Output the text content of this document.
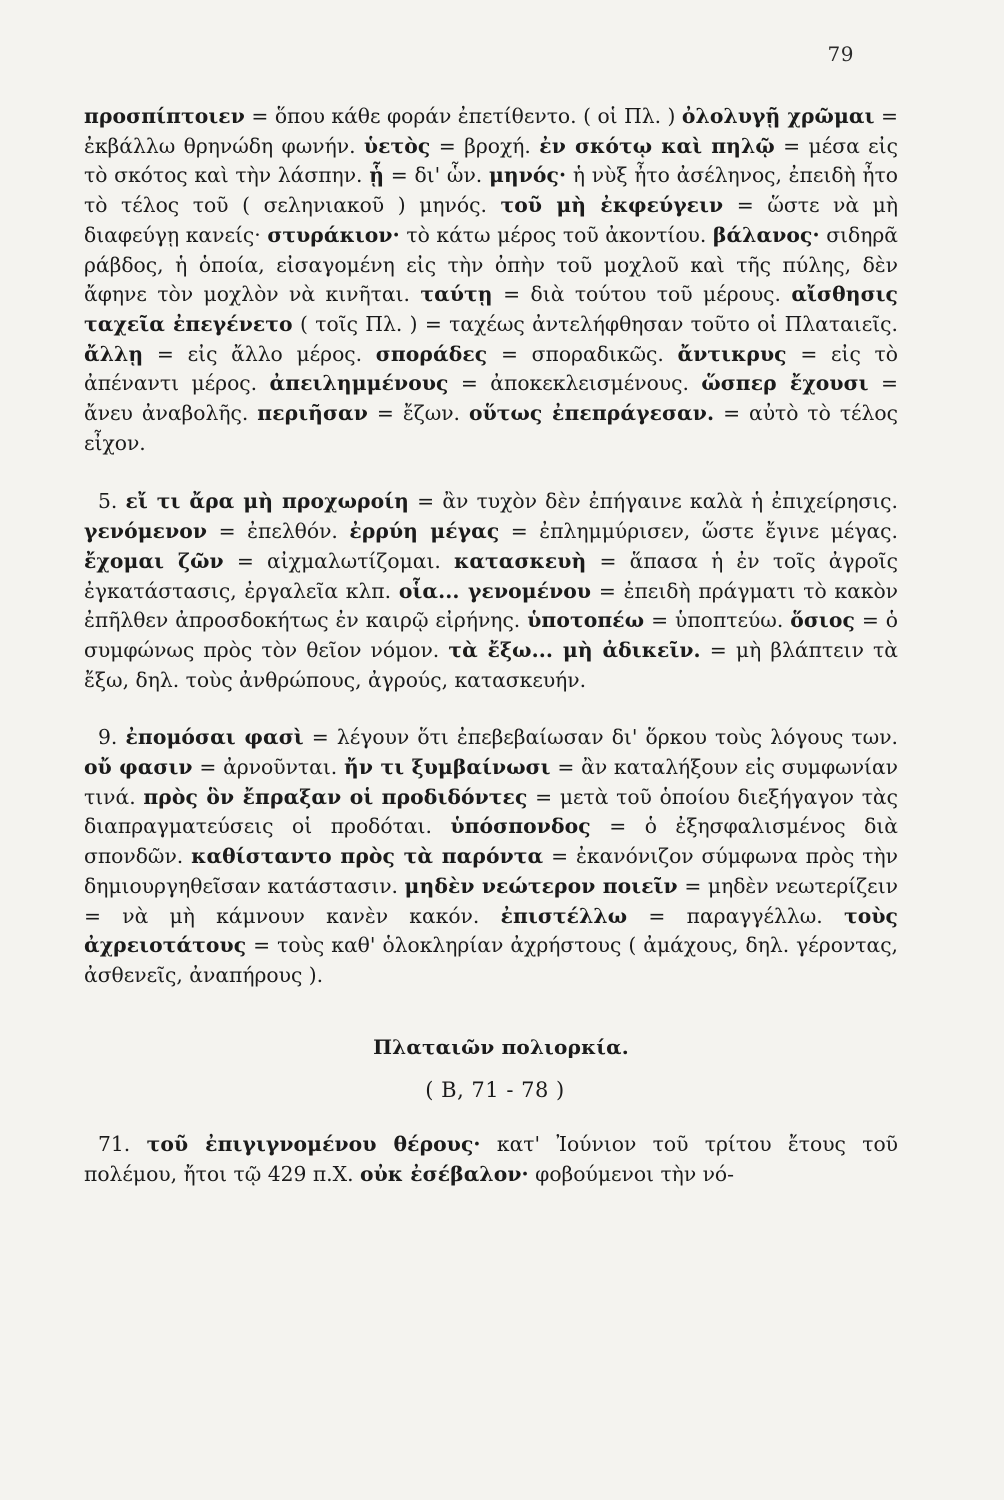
79

προσπίπτοιεν = ὅπου κάθε φοράν ἐπετίθεντο. ( οἱ Πλ. ) ὀλολυγῇ χρῶμαι = ἐκβάλλω θρηνώδη φωνήν. ὑετὸς = βροχή. ἐν σκότῳ καὶ πηλῷ = μέσα εἰς τὸ σκότος καὶ τὴν λάσπην. ᾗ = δι' ὧν. μηνός· ἡ νὺξ ἦτο ἀσέληνος, ἐπειδὴ ἦτο τὸ τέλος τοῦ ( σεληνιακοῦ ) μηνός. τοῦ μὴ ἐκφεύγειν = ὥστε νὰ μὴ διαφεύγῃ κανείς· στυράκιον· τὸ κάτω μέρος τοῦ ἀκοντίου. βάλανος· σιδηρᾶ ράβδος, ἡ ὁποία, εἰσαγομένη εἰς τὴν ὀπὴν τοῦ μοχλοῦ καὶ τῆς πύλης, δὲν ἄφηνε τὸν μοχλὸν νὰ κινῆται. ταύτῃ = διὰ τούτου τοῦ μέρους. αἴσθησις ταχεῖα ἐπεγένετο ( τοῖς Πλ. ) = ταχέως ἀντελήφθησαν τοῦτο οἱ Πλαταιεῖς. ἄλλῃ = εἰς ἄλλο μέρος. σποράδες = σποραδικῶς. ἄντικρυς = εἰς τὸ ἀπέναντι μέρος. ἀπειλημμένους = ἀποκεκλεισμένους. ὥσπερ ἔχουσι = ἄνευ ἀναβολῆς. περιῆσαν = ἔζων. οὕτως ἐπεπράγεσαν. = αὐτὸ τὸ τέλος εἶχον.

5. εἴ τι ἄρα μὴ προχωροίη = ἂν τυχὸν δὲν ἐπήγαινε καλὰ ἡ ἐπιχείρησις. γενόμενον = ἐπελθόν. ἐρρύη μέγας = ἐπλημμύρισεν, ὥστε ἔγινε μέγας. ἔχομαι ζῶν = αἰχμαλωτίζομαι. κατασκευὴ = ἅπασα ἡ ἐν τοῖς ἀγροῖς ἐγκατάστασις, ἐργαλεῖα κλπ. οἷα... γενομένου = ἐπειδὴ πράγματι τὸ κακὸν ἐπῆλθεν ἀπροσδοκήτως ἐν καιρῷ εἰρήνης. ὑποτοπέω = ὑποπτεύω. ὅσιος = ὁ συμφώνως πρὸς τὸν θεῖον νόμον. τὰ ἔξω... μὴ ἀδικεῖν. = μὴ βλάπτειν τὰ ἔξω, δηλ. τοὺς ἀνθρώπους, ἀγρούς, κατασκευήν.

9. ἐπομόσαι φασὶ = λέγουν ὅτι ἐπεβεβαίωσαν δι' ὅρκου τοὺς λόγους των. οὔ φασιν = ἀρνοῦνται. ἤν τι ξυμβαίνωσι = ἂν καταλήξουν εἰς συμφωνίαν τινά. πρὸς ὃν ἔπραξαν οἱ προδιδόντες = μετὰ τοῦ ὁποίου διεξήγαγον τὰς διαπραγματεύσεις οἱ προδόται. ὑπόσπονδος = ὁ ἐξησφαλισμένος διὰ σπονδῶν. καθίσταντο πρὸς τὰ παρόντα = ἐκανόνιζον σύμφωνα πρὸς τὴν δημιουργηθεῖσαν κατάστασιν. μηδὲν νεώτερον ποιεῖν = μηδὲν νεωτερίζειν = νὰ μὴ κάμνουν κανὲν κακόν. ἐπιστέλλω = παραγγέλλω. τοὺς ἀχρειοτάτους = τοὺς καθ' ὁλοκληρίαν ἀχρήστους ( ἀμάχους, δηλ. γέροντας, ἀσθενεῖς, ἀναπήρους ).

Πλαταιῶν πολιορκία.
( Β, 71 - 78 )

71. τοῦ ἐπιγιγνομένου θέρους· κατ' Ἰούνιον τοῦ τρίτου ἔτους τοῦ πολέμου, ἤτοι τῷ 429 π.Χ. οὐκ ἐσέβαλον· φοβούμενοι τὴν νό-
